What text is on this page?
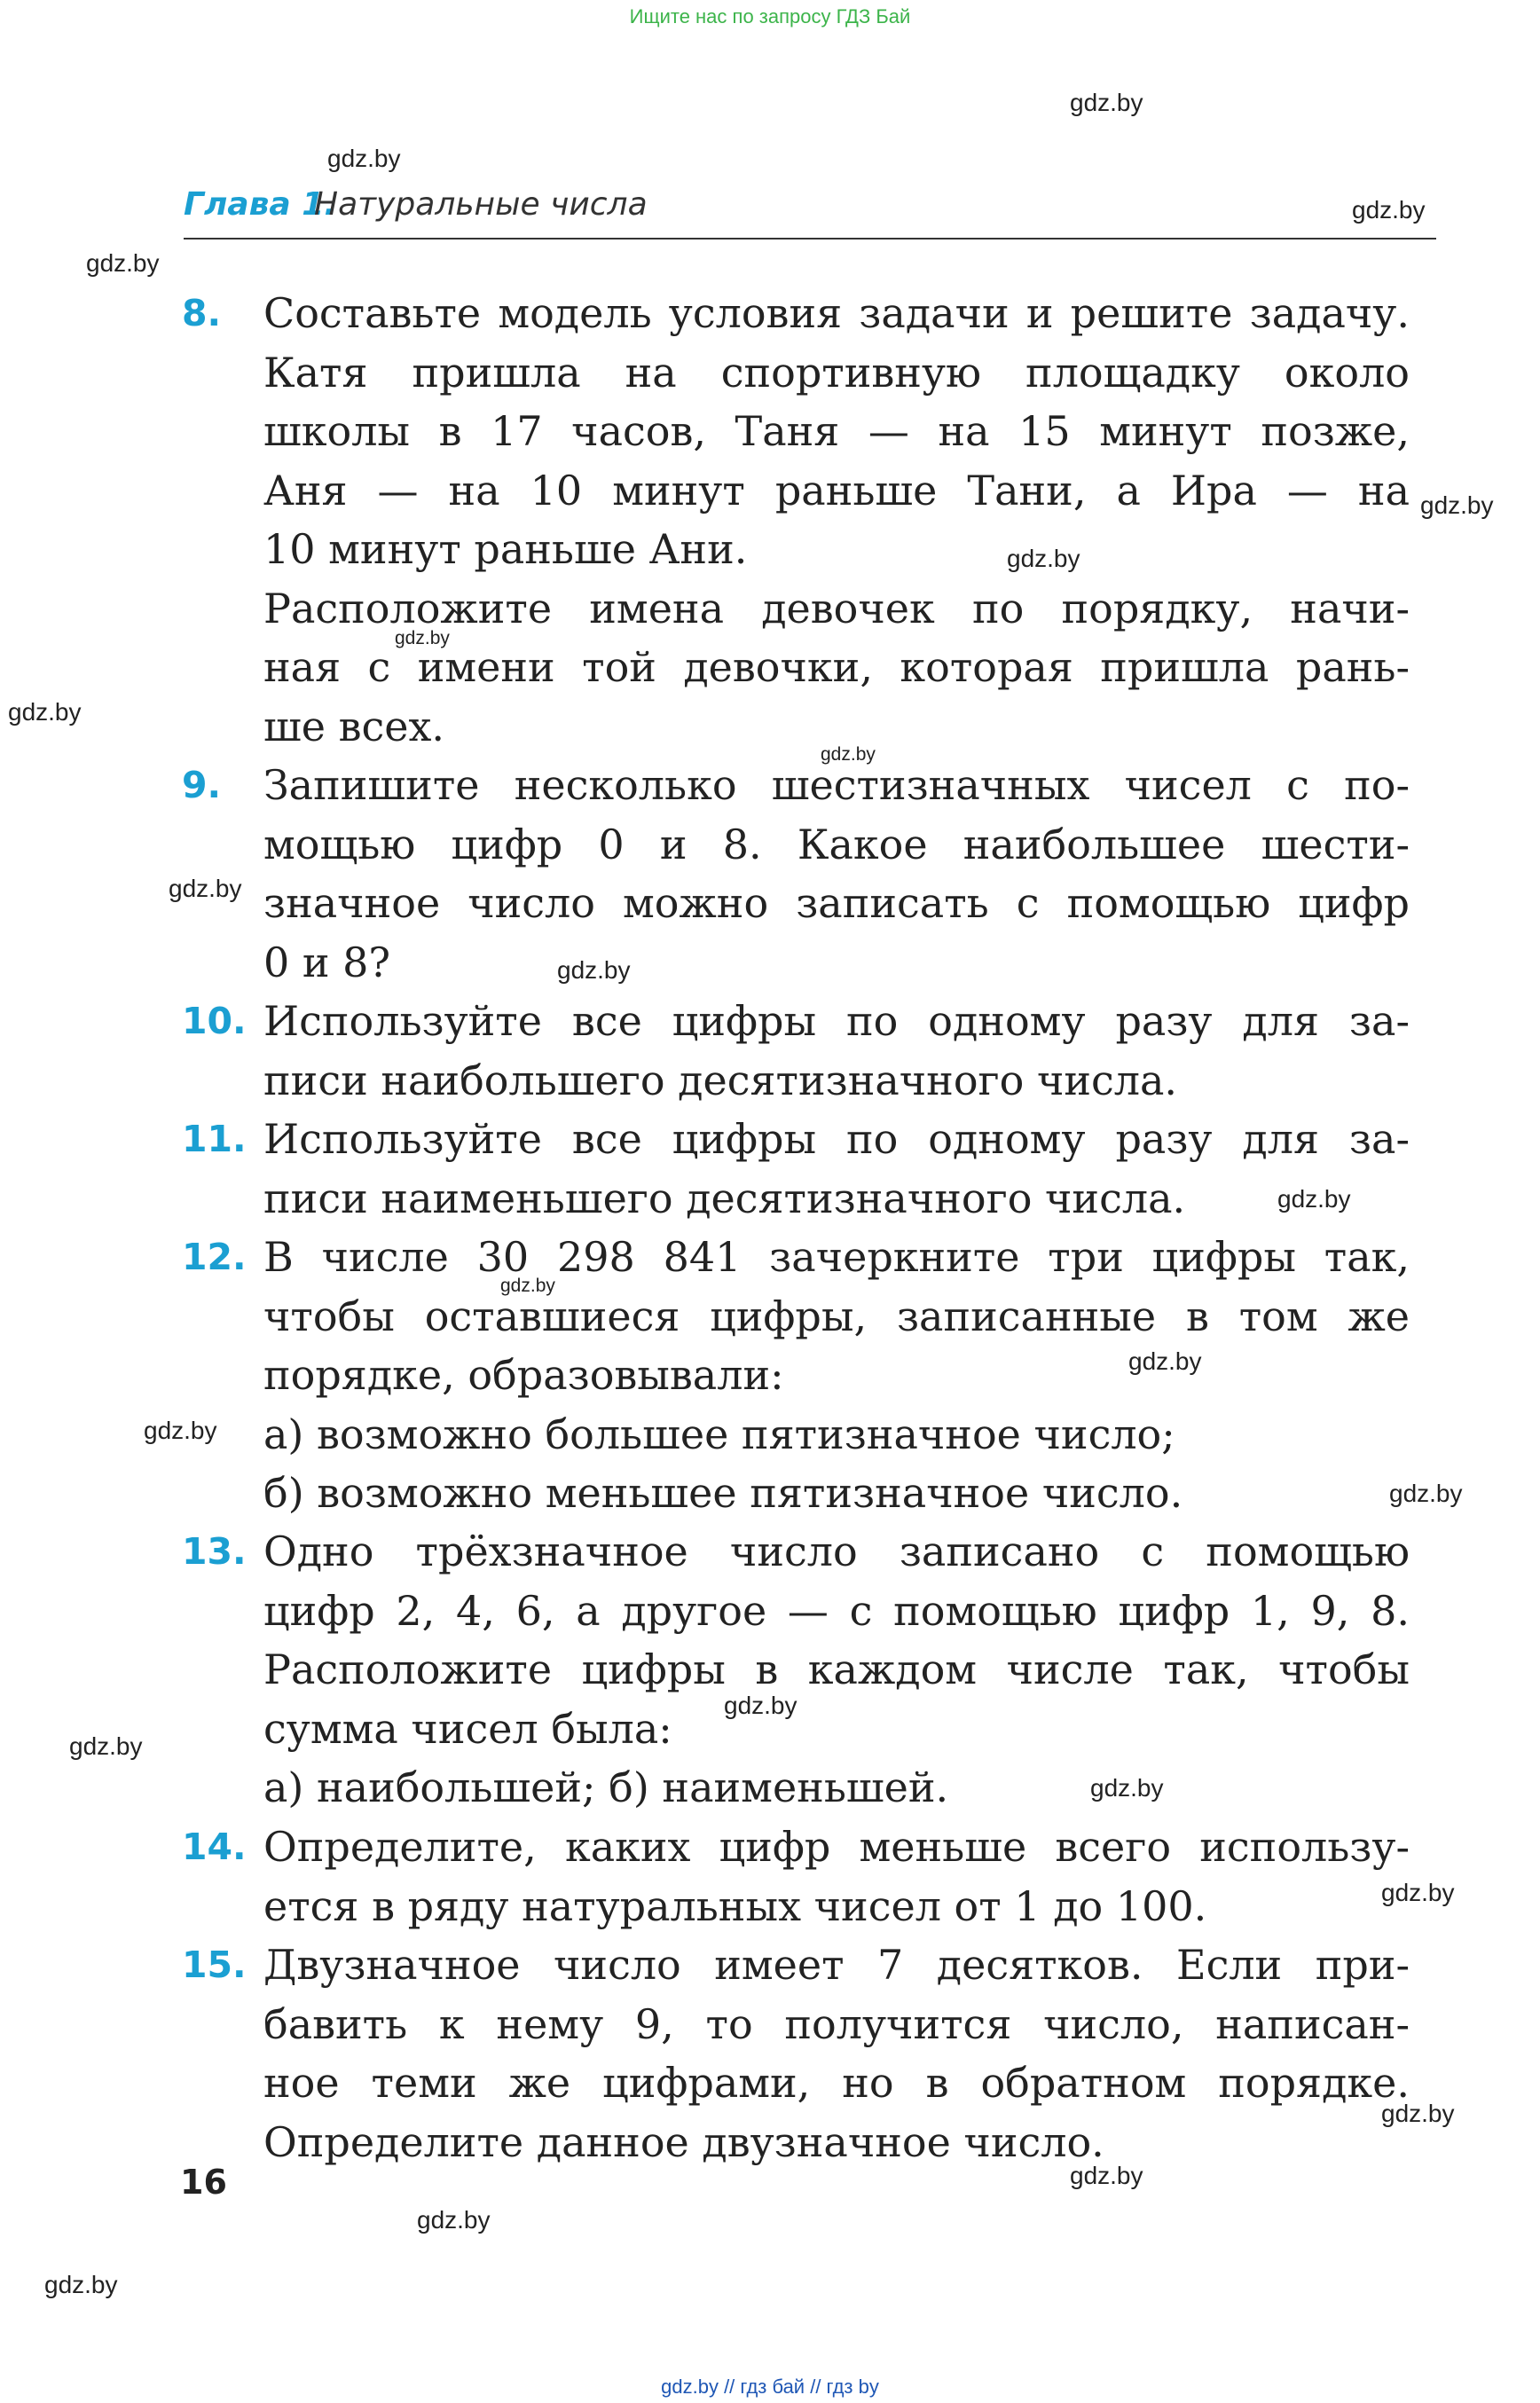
Ищите нас по запросу ГДЗ Бай
Глава 1.
Натуральные числа
8. Составьте модель условия задачи и решите задачу.
Катя пришла на спортивную площадку около
школы в 17 часов, Таня — на 15 минут позже,
Аня — на 10 минут раньше Тани, а Ира — на
10 минут раньше Ани.
Расположите имена девочек по порядку, начи-
ная с имени той девочки, которая пришла рань-
ше всех.
9. Запишите несколько шестизначных чисел с по-
мощью цифр 0 и 8. Какое наибольшее шести-
значное число можно записать с помощью цифр
0 и 8?
10. Используйте все цифры по одному разу для за-
писи наибольшего десятизначного числа.
11. Используйте все цифры по одному разу для за-
писи наименьшего десятизначного числа.
12. В числе 30 298 841 зачеркните три цифры так,
чтобы оставшиеся цифры, записанные в том же
порядке, образовывали:
а) возможно большее пятизначное число;
б) возможно меньшее пятизначное число.
13. Одно трёхзначное число записано с помощью
цифр 2, 4, 6, а другое — с помощью цифр 1, 9, 8.
Расположите цифры в каждом числе так, чтобы
сумма чисел была:
а) наибольшей; б) наименьшей.
14. Определите, каких цифр меньше всего использу-
ется в ряду натуральных чисел от 1 до 100.
15. Двузначное число имеет 7 десятков. Если при-
бавить к нему 9, то получится число, написан-
ное теми же цифрами, но в обратном порядке.
Определите данное двузначное число.
16
gdz.by
gdz.by
gdz.by
gdz.by
gdz.by
gdz.by
gdz.by
gdz.by
gdz.by
gdz.by
gdz.by
gdz.by
gdz.by
gdz.by
gdz.by
gdz.by
gdz.by
gdz.by
gdz.by
gdz.by
gdz.by
gdz.by
gdz.by
gdz.by
gdz.by // гдз бай // гдз by
